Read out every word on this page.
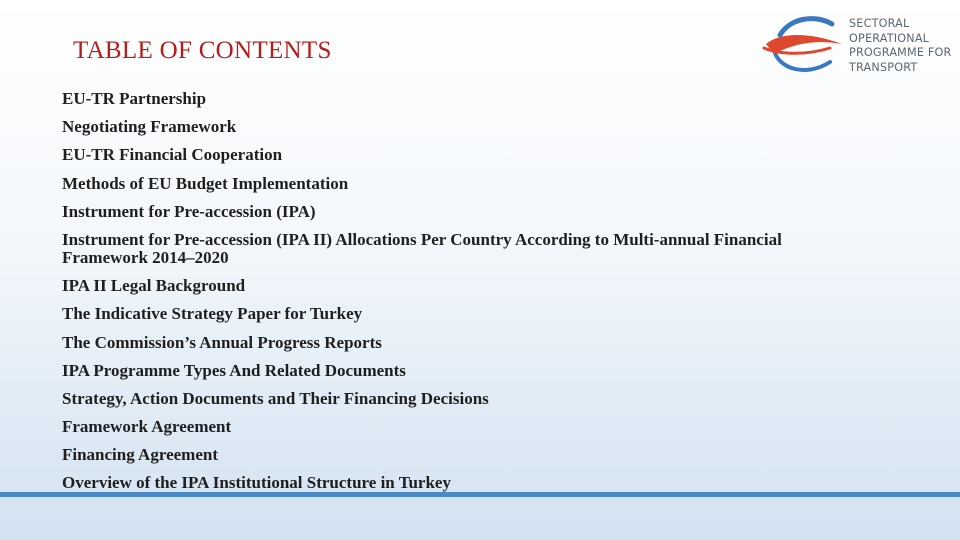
TABLE OF CONTENTS
SECTORAL
OPERATIONAL
PROGRAMME FOR
TRANSPORT
EU-TR Partnership
Negotiating Framework
EU-TR Financial Cooperation
Methods of EU Budget Implementation
Instrument for Pre-accession (IPA)
Instrument for Pre-accession (IPA II) Allocations Per Country According to Multi-annual Financial Framework 2014–2020
IPA II Legal Background
The Indicative Strategy Paper for Turkey
The Commission’s Annual Progress Reports
IPA Programme Types And Related Documents
Strategy, Action Documents and Their Financing Decisions
Framework Agreement
Financing Agreement
Overview of the IPA Institutional Structure in Turkey
